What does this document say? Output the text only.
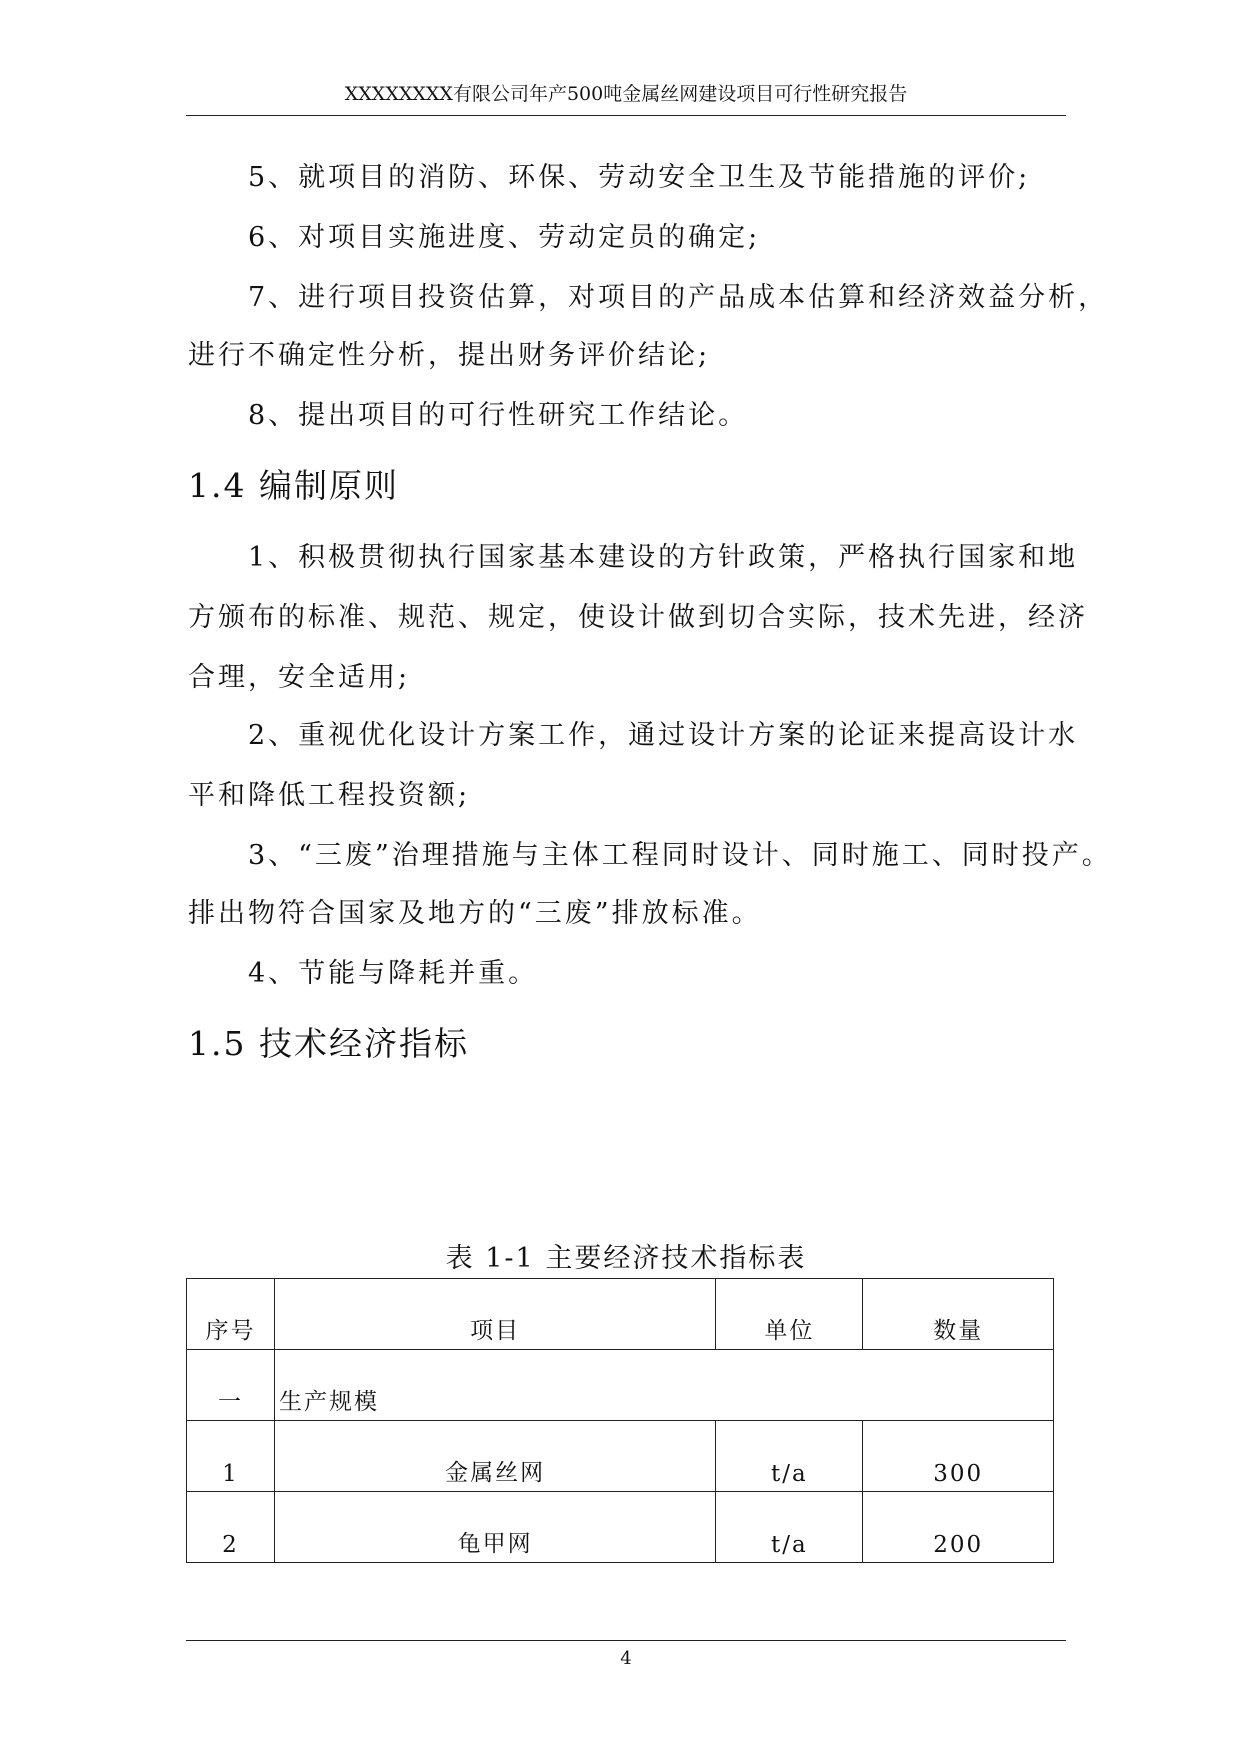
XXXXXXXX有限公司年产500吨金属丝网建设项目可行性研究报告
5、就项目的消防、环保、劳动安全卫生及节能措施的评价;
6、对项目实施进度、劳动定员的确定;
7、进行项目投资估算，对项目的产品成本估算和经济效益分析，
进行不确定性分析，提出财务评价结论;
8、提出项目的可行性研究工作结论。
1.4 编制原则
1、积极贯彻执行国家基本建设的方针政策，严格执行国家和地
方颁布的标准、规范、规定，使设计做到切合实际，技术先进，经济
合理，安全适用;
2、重视优化设计方案工作，通过设计方案的论证来提高设计水
平和降低工程投资额;
3、“三废”治理措施与主体工程同时设计、同时施工、同时投产。
排出物符合国家及地方的“三废”排放标准。
4、节能与降耗并重。
1.5 技术经济指标
表 1-1 主要经济技术指标表
序号	项目	单位	数量
一	生产规模		
1	金属丝网	t/a	300
2	龟甲网	t/a	200
4
